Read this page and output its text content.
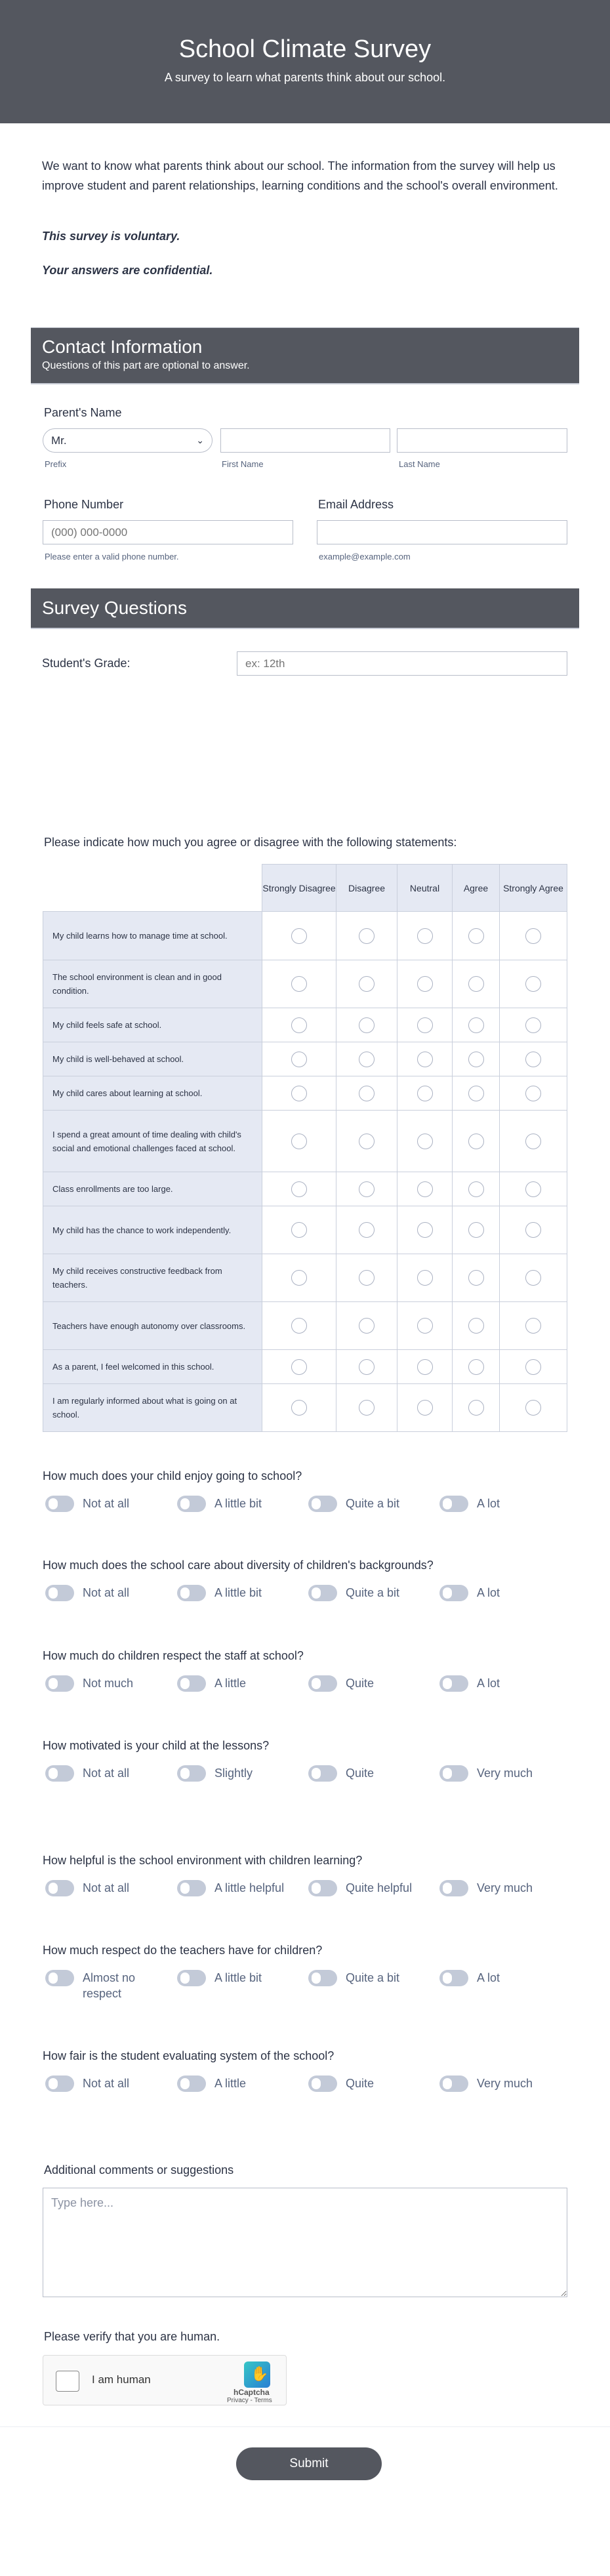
School Climate Survey

A survey to learn what parents think about our school.

We want to know what parents think about our school. The information from the survey will help us improve student and parent relationships, learning conditions and the school's overall environment.

This survey is voluntary.

Your answers are confidential.

Contact Information

Questions of this part are optional to answer.

Parent's Name
Mr.	⌄
Prefix	First Name	Last Name
Phone Number
(000) 000-0000
Please enter a valid phone number.
Email Address
example@example.com
Survey Questions
Student's Grade:
ex: 12th
Please indicate how much you agree or disagree with the following statements:
	Strongly Disagree	Disagree	Neutral	Agree	Strongly Agree
My child learns how to manage time at school.					
The school environment is clean and in good condition.					
My child feels safe at school.					
My child is well-behaved at school.					
My child cares about learning at school.					
I spend a great amount of time dealing with child's social and emotional challenges faced at school.					
Class enrollments are too large.					
My child has the chance to work independently.					
My child receives constructive feedback from teachers.					
Teachers have enough autonomy over classrooms.					
As a parent, I feel welcomed in this school.					
I am regularly informed about what is going on at school.					
How much does your child enjoy going to school?
Not at all	A little bit	Quite a bit	A lot
How much does the school care about diversity of children's backgrounds?
Not at all	A little bit	Quite a bit	A lot
How much do children respect the staff at school?
Not much	A little	Quite	A lot
How motivated is your child at the lessons?
Not at all	Slightly	Quite	Very much
How helpful is the school environment with children learning?
Not at all	A little helpful	Quite helpful	Very much
How much respect do the teachers have for children?
Almost no respect
A little bit	Quite a bit	A lot
How fair is the student evaluating system of the school?
Not at all	A little	Quite	Very much
Additional comments or suggestions
Type here...
Please verify that you are human.
I am human	✋
hCaptcha
Privacy - Terms
Submit
